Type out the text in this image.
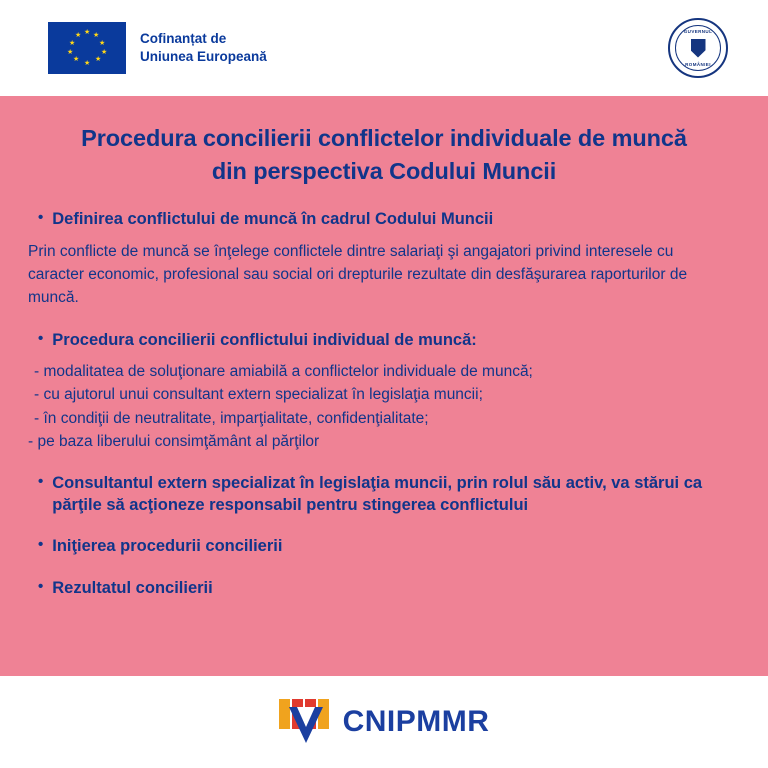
★ ★
★
★
★
★
★
★
★
★	Cofinanțat de
Uniunea Europeană
GUVERNUL
ROMÂNIEI
Procedura concilierii conflictelor individuale de muncă
din perspectiva Codului Muncii
• Definirea conflictului de muncă în cadrul Codului Muncii

Prin conflicte de muncă se înţelege conflictele dintre salariaţi şi angajatori privind interesele cu caracter economic, profesional sau social ori drepturile rezultate din desfăşurarea raporturilor de muncă.

• Procedura concilierii conflictului individual de muncă:
- modalitatea de soluţionare amiabilă a conflictelor individuale de muncă;
- cu ajutorul unui consultant extern specializat în legislaţia muncii;
- în condiţii de neutralitate, imparţialitate, confidenţialitate;
- pe baza liberului consimţământ al părţilor
• Consultantul extern specializat în legislaţia muncii, prin rolul său activ, va stărui ca părţile să acţioneze responsabil pentru stingerea conflictului
• Iniţierea procedurii concilierii
• Rezultatul concilierii
CNIPMMR
